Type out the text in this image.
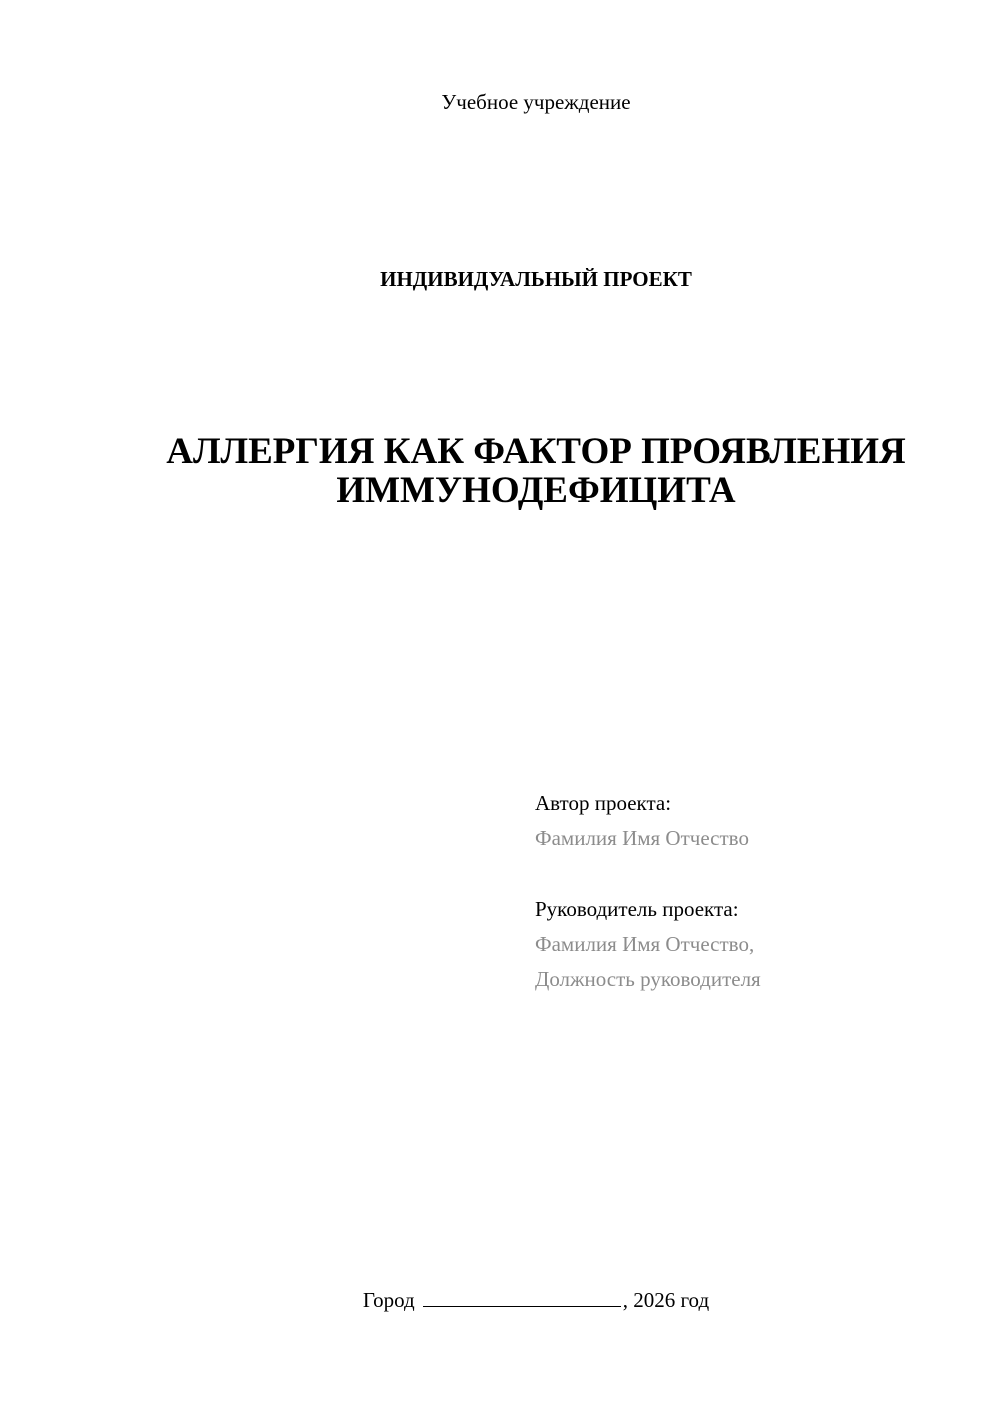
Учебное учреждение
ИНДИВИДУАЛЬНЫЙ ПРОЕКТ
АЛЛЕРГИЯ КАК ФАКТОР ПРОЯВЛЕНИЯ
ИММУНОДЕФИЦИТА
Автор проекта:
Фамилия Имя Отчество
Руководитель проекта:
Фамилия Имя Отчество,
Должность руководителя
Город	, 2026 год
